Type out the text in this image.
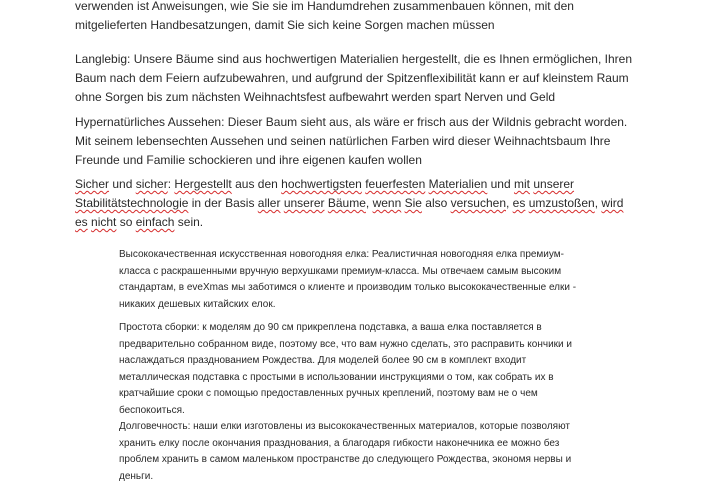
verwenden ist Anweisungen, wie Sie sie im Handumdrehen zusammenbauen können, mit den
mitgelieferten Handbesatzungen, damit Sie sich keine Sorgen machen müssen

Langlebig: Unsere Bäume sind aus hochwertigen Materialien hergestellt, die es Ihnen ermöglichen, Ihren
Baum nach dem Feiern aufzubewahren, und aufgrund der Spitzenflexibilität kann er auf kleinstem Raum
ohne Sorgen bis zum nächsten Weihnachtsfest aufbewahrt werden spart Nerven und Geld

Hypernatürliches Aussehen: Dieser Baum sieht aus, als wäre er frisch aus der Wildnis gebracht worden.
Mit seinem lebensechten Aussehen und seinen natürlichen Farben wird dieser Weihnachtsbaum Ihre
Freunde und Familie schockieren und ihre eigenen kaufen wollen

Sicher und sicher: Hergestellt aus den hochwertigsten feuerfesten Materialien und mit unserer
Stabilitätstechnologie in der Basis aller unserer Bäume, wenn Sie also versuchen, es umzustoßen, wird
es nicht so einfach sein.

Высококачественная искусственная новогодняя елка: Реалистичная новогодняя елка премиум-
класса с раскрашенными вручную верхушками премиум-класса. Мы отвечаем самым высоким
стандартам, в eveXmas мы заботимся о клиенте и производим только высококачественные елки -
никаких дешевых китайских елок.

Простота сборки: к моделям до 90 см прикреплена подставка, а ваша елка поставляется в
предварительно собранном виде, поэтому все, что вам нужно сделать, это расправить кончики и
наслаждаться празднованием Рождества. Для моделей более 90 см в комплект входит
металлическая подставка с простыми в использовании инструкциями о том, как собрать их в
кратчайшие сроки с помощью предоставленных ручных креплений, поэтому вам не о чем
беспокоиться.

Долговечность: наши елки изготовлены из высококачественных материалов, которые позволяют
хранить елку после окончания празднования, а благодаря гибкости наконечника ее можно без
проблем хранить в самом маленьком пространстве до следующего Рождества, экономя нервы и
деньги.
